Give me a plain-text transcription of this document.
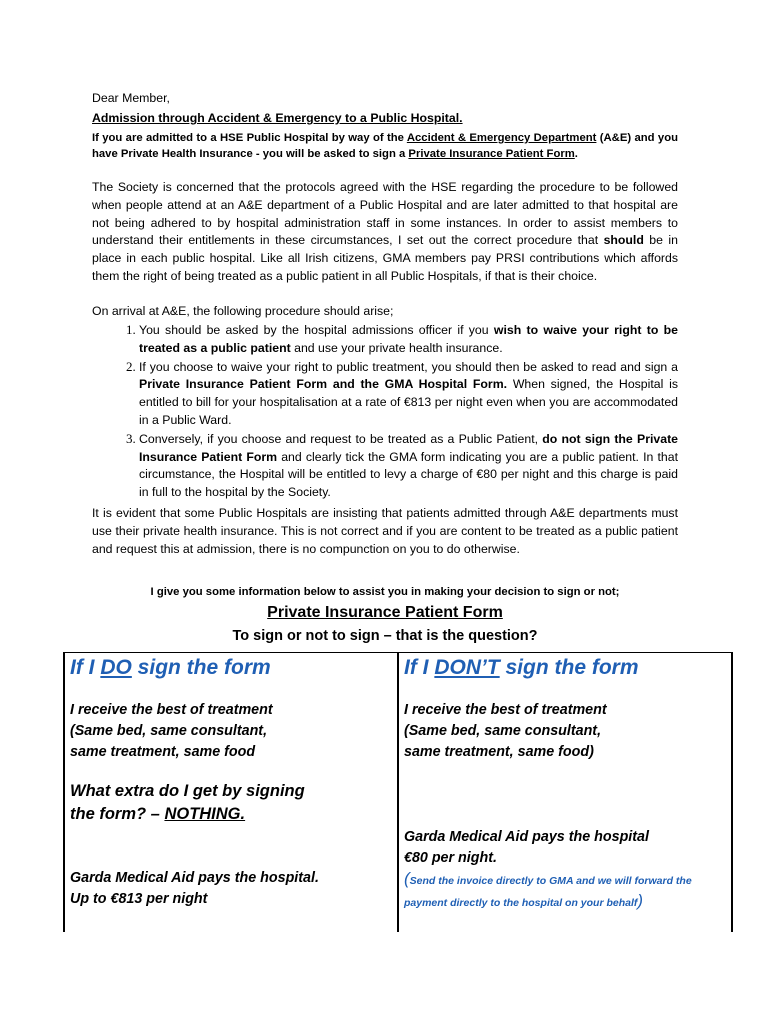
Dear Member,
Admission through Accident & Emergency to a Public Hospital.
If you are admitted to a HSE Public Hospital by way of the Accident & Emergency Department (A&E) and you have Private Health Insurance - you will be asked to sign a Private Insurance Patient Form.
The Society is concerned that the protocols agreed with the HSE regarding the procedure to be followed when people attend at an A&E department of a Public Hospital and are later admitted to that hospital are not being adhered to by hospital administration staff in some instances. In order to assist members to understand their entitlements in these circumstances, I set out the correct procedure that should be in place in each public hospital. Like all Irish citizens, GMA members pay PRSI contributions which affords them the right of being treated as a public patient in all Public Hospitals, if that is their choice.
On arrival at A&E, the following procedure should arise;
1. You should be asked by the hospital admissions officer if you wish to waive your right to be treated as a public patient and use your private health insurance.
2. If you choose to waive your right to public treatment, you should then be asked to read and sign a Private Insurance Patient Form and the GMA Hospital Form. When signed, the Hospital is entitled to bill for your hospitalisation at a rate of €813 per night even when you are accommodated in a Public Ward.
3. Conversely, if you choose and request to be treated as a Public Patient, do not sign the Private Insurance Patient Form and clearly tick the GMA form indicating you are a public patient. In that circumstance, the Hospital will be entitled to levy a charge of €80 per night and this charge is paid in full to the hospital by the Society.
It is evident that some Public Hospitals are insisting that patients admitted through A&E departments must use their private health insurance. This is not correct and if you are content to be treated as a public patient and request this at admission, there is no compunction on you to do otherwise.
I give you some information below to assist you in making your decision to sign or not;
Private Insurance Patient Form
To sign or not to sign – that is the question?
If I DO sign the form
I receive the best of treatment
(Same bed, same consultant,
same treatment, same food
What extra do I get by signing
the form? – NOTHING.
Garda Medical Aid pays the hospital.
Up to €813 per night
If I DON’T sign the form
I receive the best of treatment
(Same bed, same consultant,
same treatment, same food)
Garda Medical Aid pays the hospital
€80 per night.
(Send the invoice directly to GMA and we will forward the
payment directly to the hospital on your behalf)
